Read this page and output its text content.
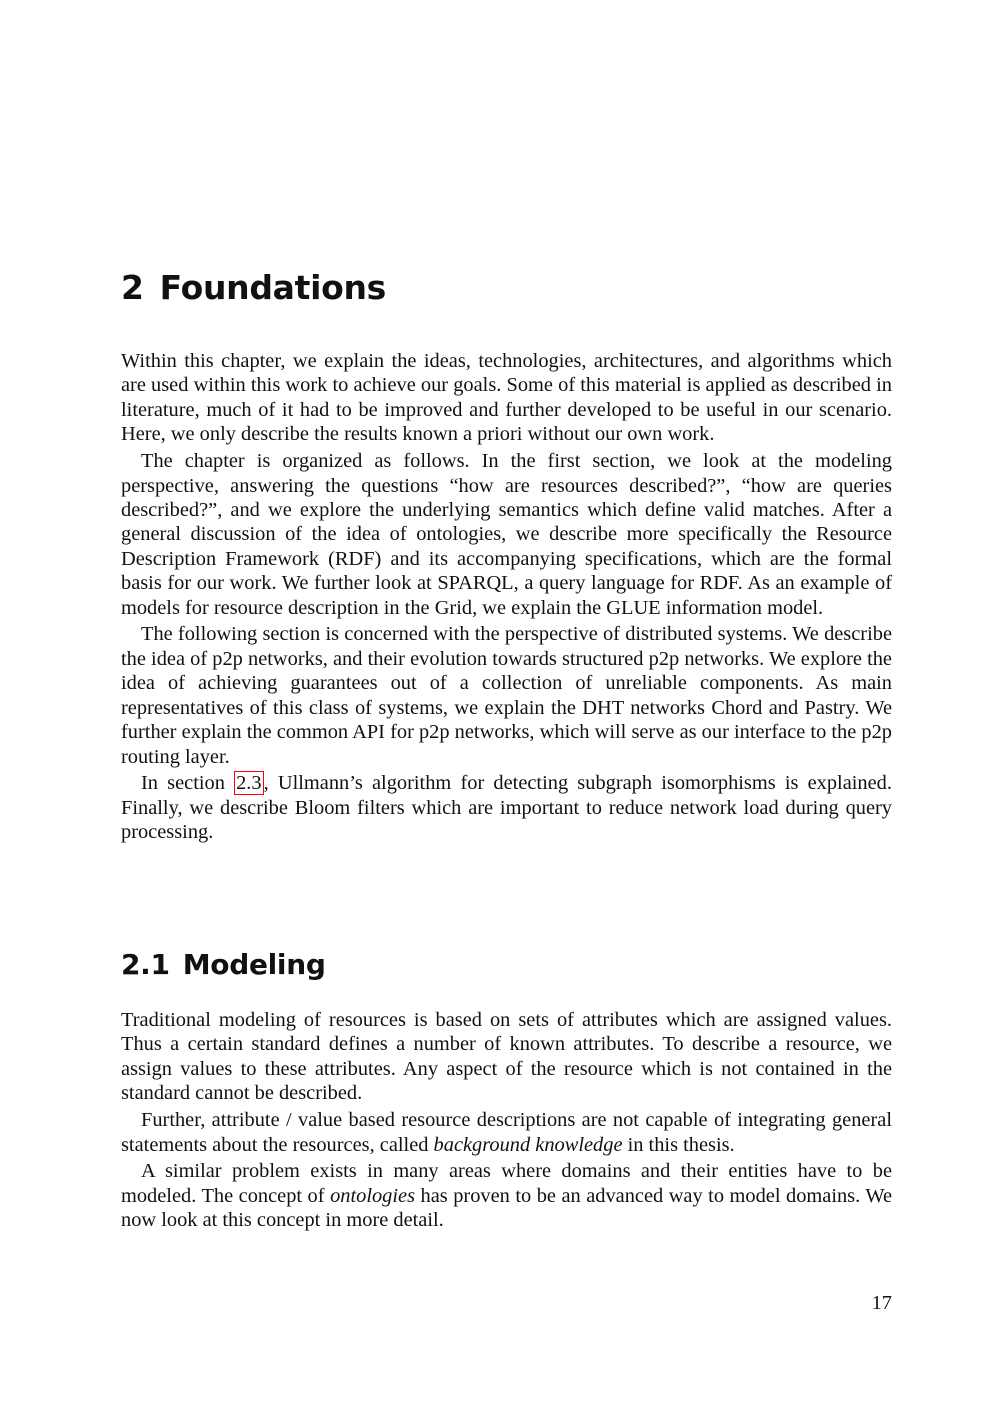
2 Foundations

Within this chapter, we explain the ideas, technologies, architectures, and algorithms which are used within this work to achieve our goals. Some of this material is applied as described in literature, much of it had to be improved and further developed to be useful in our scenario. Here, we only describe the results known a priori without our own work.

The chapter is organized as follows. In the first section, we look at the modeling perspective, answering the questions “how are resources described?”, “how are queries described?”, and we explore the underlying semantics which define valid matches. After a general discussion of the idea of ontologies, we describe more specifically the Resource Description Framework (RDF) and its accompanying specifications, which are the formal basis for our work. We further look at SPARQL, a query language for RDF. As an example of models for resource description in the Grid, we explain the GLUE information model.

The following section is concerned with the perspective of distributed systems. We describe the idea of p2p networks, and their evolution towards structured p2p networks. We explore the idea of achieving guarantees out of a collection of unreliable components. As main representatives of this class of systems, we explain the DHT networks Chord and Pastry. We further explain the common API for p2p networks, which will serve as our interface to the p2p routing layer.

In section 2.3, Ullmann’s algorithm for detecting subgraph isomorphisms is explained. Finally, we describe Bloom filters which are important to reduce network load during query processing.

2.1 Modeling

Traditional modeling of resources is based on sets of attributes which are assigned values. Thus a certain standard defines a number of known attributes. To describe a resource, we assign values to these attributes. Any aspect of the resource which is not contained in the standard cannot be described.

Further, attribute / value based resource descriptions are not capable of integrating general statements about the resources, called background knowledge in this thesis.

A similar problem exists in many areas where domains and their entities have to be modeled. The concept of ontologies has proven to be an advanced way to model domains. We now look at this concept in more detail.

17
